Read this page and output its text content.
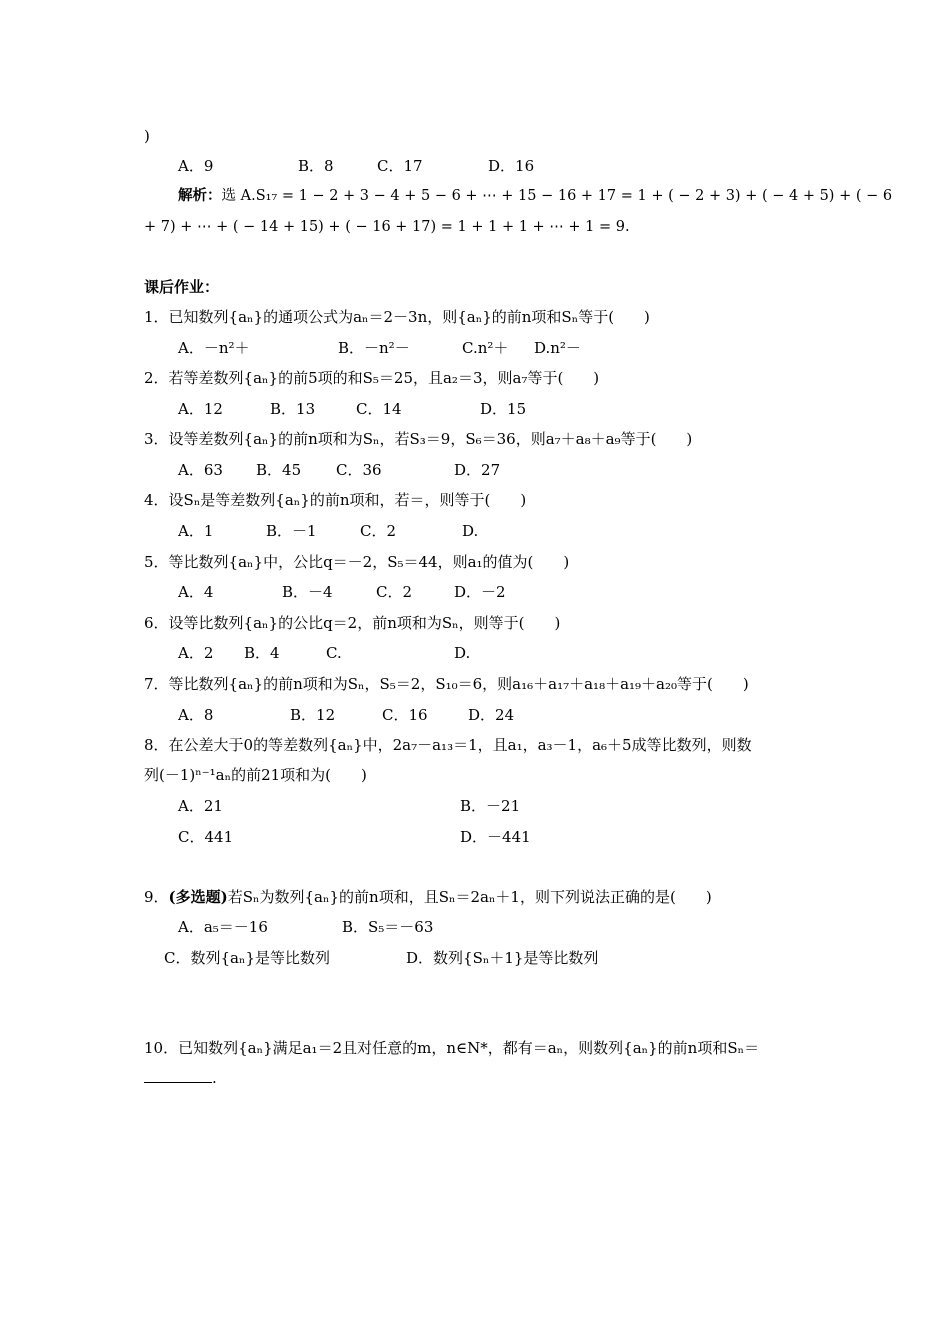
)
A．9	B．8	C．17	D．16
解析：选 A.S₁₇ = 1 − 2 + 3 − 4 + 5 − 6 + ⋯ + 15 − 16 + 17 = 1 + ( − 2 + 3) + ( − 4 + 5) + ( − 6
+ 7) + ⋯ + ( − 14 + 15) + ( − 16 + 17) = 1 + 1 + 1 + ⋯ + 1 = 9.
课后作业：
1．已知数列{aₙ}的通项公式为aₙ＝2－3n，则{aₙ}的前n项和Sₙ等于(　　)
A．－n²＋	B．－n²－	C.n²＋ D.n²－
2．若等差数列{aₙ}的前5项的和S₅＝25，且a₂＝3，则a₇等于(　　)
A．12	B．13	C．14	D．15
3．设等差数列{aₙ}的前n项和为Sₙ，若S₃＝9，S₆＝36，则a₇＋a₈＋a₉等于(　　)
A．63 B．45 C．36	D．27
4．设Sₙ是等差数列{aₙ}的前n项和，若＝，则等于(　　)
A．1	B．－1	C．2	D.
5．等比数列{aₙ}中，公比q＝－2，S₅＝44，则a₁的值为(　　)
A．4	B．－4	C．2	D．－2
6．设等比数列{aₙ}的公比q＝2，前n项和为Sₙ，则等于(　　)
A．2 B．4	C.	D.
7．等比数列{aₙ}的前n项和为Sₙ，S₅＝2，S₁₀＝6，则a₁₆＋a₁₇＋a₁₈＋a₁₉＋a₂₀等于(　　)
A．8	B．12	C．16	D．24
8．在公差大于0的等差数列{aₙ}中，2a₇－a₁₃＝1，且a₁，a₃－1，a₆＋5成等比数列，则数
列(－1)ⁿ⁻¹aₙ的前21项和为(　　)
A．21	B．－21
C．441	D．－441
9．(多选题)若Sₙ为数列{aₙ}的前n项和，且Sₙ＝2aₙ＋1，则下列说法正确的是(　　)
A．a₅＝－16	B．S₅＝－63
C．数列{aₙ}是等比数列	D．数列{Sₙ＋1}是等比数列
10．已知数列{aₙ}满足a₁＝2且对任意的m，n∈N*，都有＝aₙ，则数列{aₙ}的前n项和Sₙ＝
.
